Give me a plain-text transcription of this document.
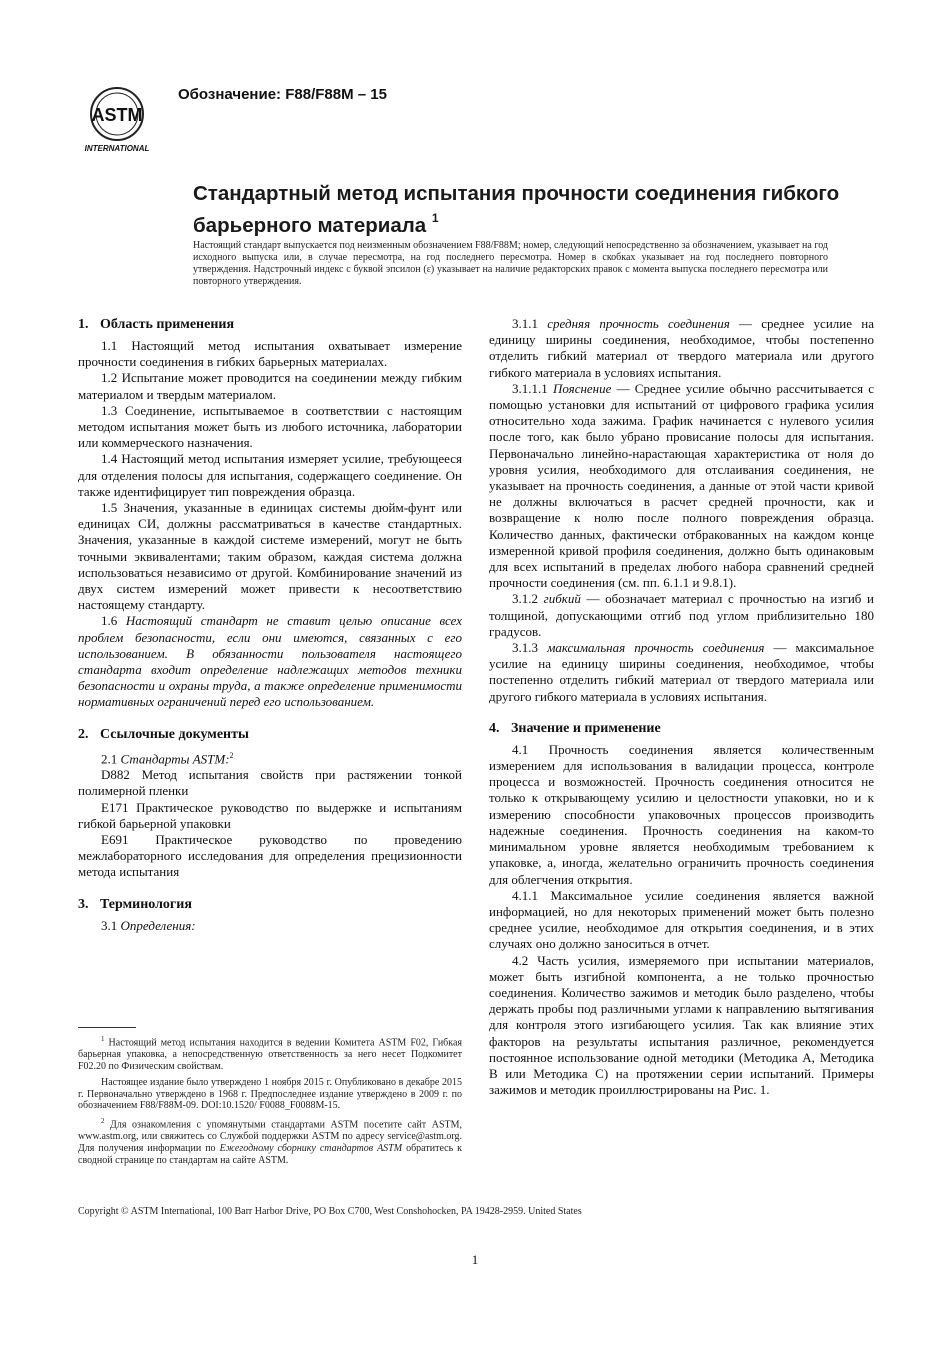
ASTM
INTERNATIONAL
Обозначение: F88/F88M – 15
Стандартный метод испытания прочности соединения гибкого барьерного материала $^1$
Настоящий стандарт выпускается под неизменным обозначением F88/F88M; номер, следующий непосредственно за обозначением, указывает на год исходного выпуска или, в случае пересмотра, на год последнего пересмотра. Номер в скобках указывает на год последнего повторного утверждения. Надстрочный индекс с буквой эпсилон (ε) указывает на наличие редакторских правок с момента выпуска последнего пересмотра или повторного утверждения.
1. Область применения

1.1 Настоящий метод испытания охватывает измерение прочности соединения в гибких барьерных материалах.

1.2 Испытание может проводится на соединении между гибким материалом и твердым материалом.

1.3 Соединение, испытываемое в соответствии с настоящим методом испытания может быть из любого источника, лаборатории или коммерческого назначения.

1.4 Настоящий метод испытания измеряет усилие, требующееся для отделения полосы для испытания, содержащего соединение. Он также идентифицирует тип повреждения образца.

1.5 Значения, указанные в единицах системы дюйм-фунт или единицах СИ, должны рассматриваться в качестве стандартных. Значения, указанные в каждой системе измерений, могут не быть точными эквивалентами; таким образом, каждая система должна использоваться независимо от другой. Комбинирование значений из двух систем измерений может привести к несоответствию настоящему стандарту.

1.6 Настоящий стандарт не ставит целью описание всех проблем безопасности, если они имеются, связанных с его использованием. В обязанности пользователя настоящего стандарта входит определение надлежащих методов техники безопасности и охраны труда, а также определение применимости нормативных ограничений перед его использованием.

2. Ссылочные документы

2.1 Стандарты ASTM:$^2$

D882 Метод испытания свойств при растяжении тонкой полимерной пленки

E171 Практическое руководство по выдержке и испытаниям гибкой барьерной упаковки

E691 Практическое руководство по проведению межлабораторного исследования для определения прецизионности метода испытания

3. Терминология

3.1 Определения:

$^1$ Настоящий метод испытания находится в ведении Комитета ASTM F02, Гибкая барьерная упаковка, а непосредственную ответственность за него несет Подкомитет F02.20 по Физическим свойствам.

Настоящее издание было утверждено 1 ноября 2015 г. Опубликовано в декабре 2015 г. Первоначально утверждено в 1968 г. Предпоследнее издание утверждено в 2009 г. по обозначением F88/F88M-09. DOI:10.1520/ F0088_F0088M-15.

$^2$ Для ознакомления с упомянутыми стандартами ASTM посетите сайт ASTM, www.astm.org, или свяжитесь со Службой поддержки ASTM по адресу service@astm.org. Для получения информации по Ежегодному сборнику стандартов ASTM обратитесь к сводной странице по стандартам на сайте ASTM.

3.1.1 средняя прочность соединения — среднее усилие на единицу ширины соединения, необходимое, чтобы постепенно отделить гибкий материал от твердого материала или другого гибкого материала в условиях испытания.

3.1.1.1 Пояснение — Среднее усилие обычно рассчитывается с помощью установки для испытаний от цифрового графика усилия относительно хода зажима. График начинается с нулевого усилия после того, как было убрано провисание полосы для испытания. Первоначально линейно-нарастающая характеристика от ноля до уровня усилия, необходимого для отслаивания соединения, не указывает на прочность соединения, а данные от этой части кривой не должны включаться в расчет средней прочности, как и возвращение к нолю после полного повреждения образца. Количество данных, фактически отбракованных на каждом конце измеренной кривой профиля соединения, должно быть одинаковым для всех испытаний в пределах любого набора сравнений средней прочности соединения (см. пп. 6.1.1 и 9.8.1).

3.1.2 гибкий — обозначает материал с прочностью на изгиб и толщиной, допускающими отгиб под углом приблизительно 180 градусов.

3.1.3 максимальная прочность соединения — максимальное усилие на единицу ширины соединения, необходимое, чтобы постепенно отделить гибкий материал от твердого материала или другого гибкого материала в условиях испытания.

4. Значение и применение

4.1 Прочность соединения является количественным измерением для использования в валидации процесса, контроле процесса и возможностей. Прочность соединения относится не только к открывающему усилию и целостности упаковки, но и к измерению способности упаковочных процессов производить надежные соединения. Прочность соединения на каком-то минимальном уровне является необходимым требованием к упаковке, а, иногда, желательно ограничить прочность соединения для облегчения открытия.

4.1.1 Максимальное усилие соединения является важной информацией, но для некоторых применений может быть полезно среднее усилие, необходимое для открытия соединения, и в этих случаях оно должно заноситься в отчет.

4.2 Часть усилия, измеряемого при испытании материалов, может быть изгибной компонента, а не только прочностью соединения. Количество зажимов и методик было разделено, чтобы держать пробы под различными углами к направлению вытягивания для контроля этого изгибающего усилия. Так как влияние этих факторов на результаты испытания различное, рекомендуется постоянное использование одной методики (Методика A, Методика B или Методика C) на протяжении серии испытаний. Примеры зажимов и методик проиллюстрированы на Рис. 1.

Copyright © ASTM International, 100 Barr Harbor Drive, PO Box C700, West Conshohocken, PA 19428-2959. United States
1
